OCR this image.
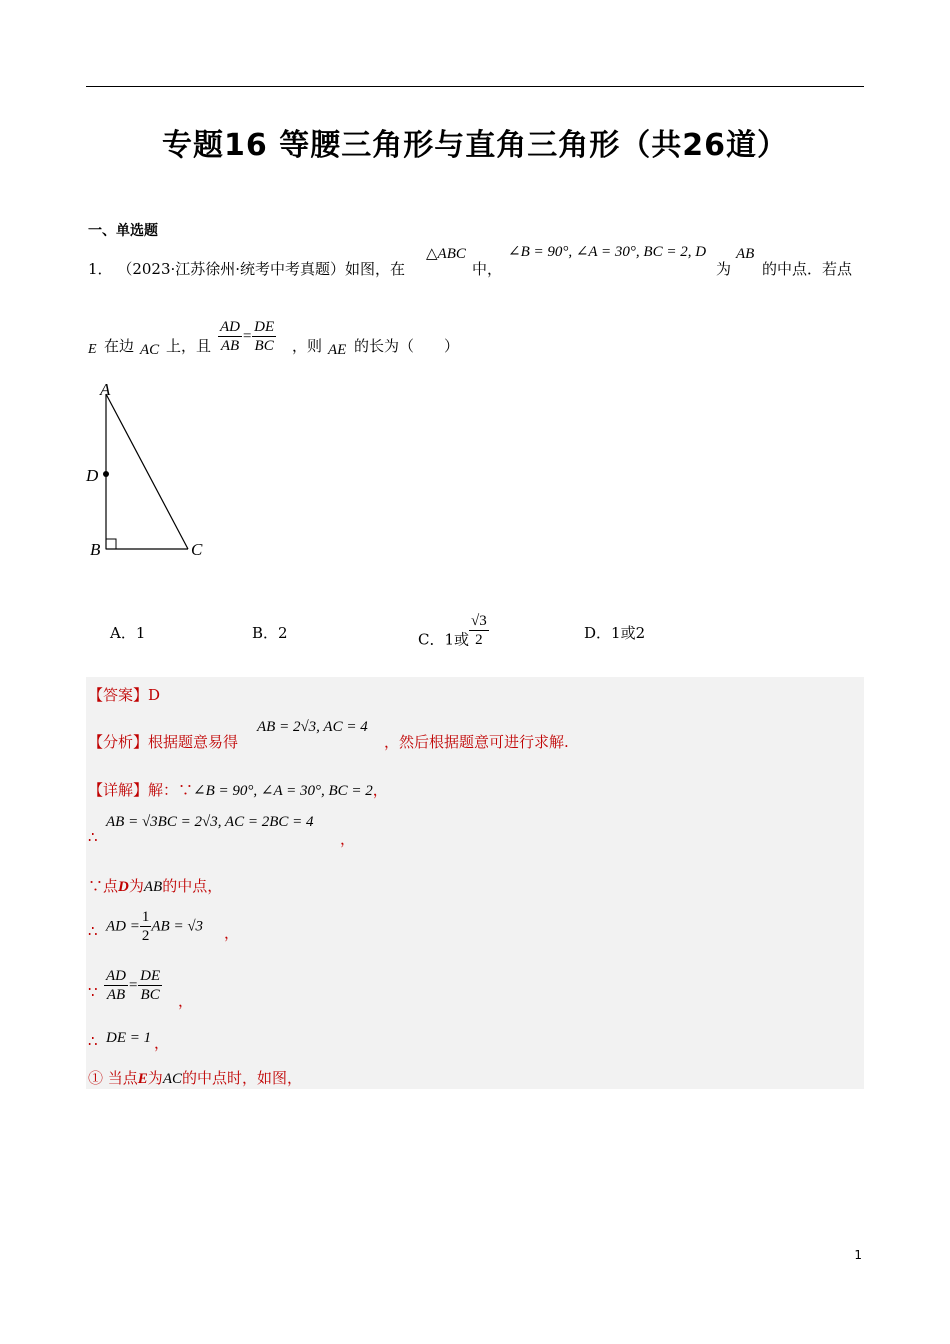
专题16 等腰三角形与直角三角形（共26道）
一、单选题
1． （2023·江苏徐州·统考中考真题）如图，在
△ABC
中，
∠B = 90°, ∠A = 30°, BC = 2, D
为
AB
的中点．若点
E 在边 AC 上，且 $\frac{AD}{AB} = \frac{DE}{BC}$ ，则 AE 的长为（　　）
A
D
B	C
A．1	B．2	C．1或 $\frac{√3}{2}$	D．1或2
【答案】D
【分析】根据题意易得
AB = 2√3, AC = 4
，然后根据题意可进行求解.
【详解】解：∵∠B = 90°, ∠A = 30°, BC = 2，
∴
AB = √3BC = 2√3, AC = 2BC = 4
，
∵点D为AB的中点，
∴ AD = $\frac{1}{2}$ AB = √3 ，
∵ $\frac{AD}{AB} = \frac{DE}{BC}$ ，
∴ DE = 1 ，
① 当点E为AC的中点时，如图，
1
